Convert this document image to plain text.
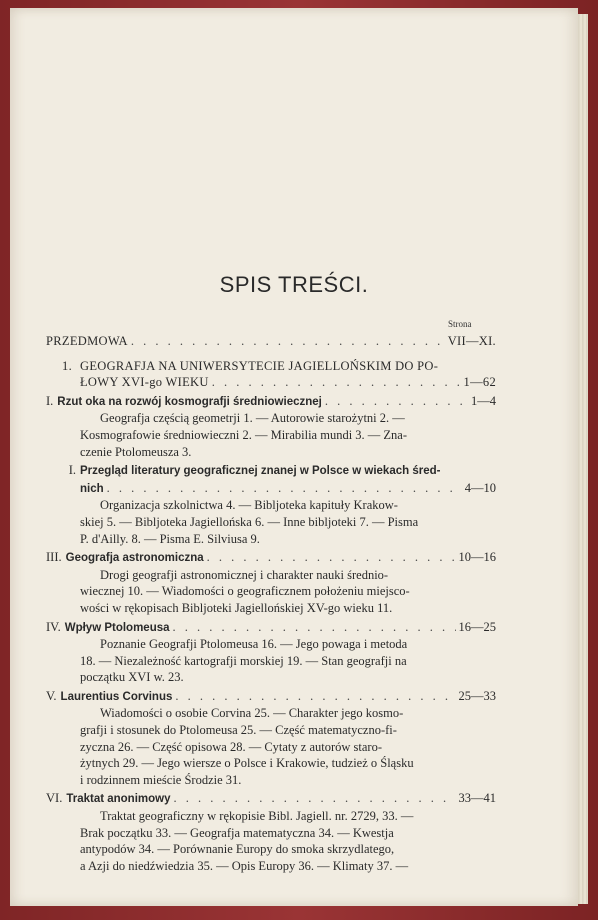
SPIS TREŚCI.
Strona
PRZEDMOWA . . .	VII—XI.
1. GEOGRAFJA NA UNIWERSYTECIE JAGIELLOŃSKIM DO PO-
ŁOWY XVI-go WIEKU . . .	1—62
I. Rzut oka na rozwój kosmografji średniowiecznej . . .	1—4
Geografja częścią geometrji 1. — Autorowie starożytni 2. —
Kosmografowie średniowieczni 2. — Mirabilia mundi 3. — Zna-
czenie Ptolomeusza 3.
I. Przegląd literatury geograficznej znanej w Polsce w wiekach śred-
nich . . .	4—10
Organizacja szkolnictwa 4. — Bibljoteka kapituły Krakow-
skiej 5. — Bibljoteka Jagiellońska 6. — Inne bibljoteki 7. — Pisma
P. d'Ailly. 8. — Pisma E. Silviusa 9.
III. Geografja astronomiczna . . .	10—16
Drogi geografji astronomicznej i charakter nauki średnio-
wiecznej 10. — Wiadomości o geograficznem położeniu miejsco-
wości w rękopisach Bibljoteki Jagiellońskiej XV-go wieku 11.
IV. Wpływ Ptolomeusa . . .	16—25
Poznanie Geografji Ptolomeusa 16. — Jego powaga i metoda
18. — Niezależność kartografji morskiej 19. — Stan geografji na
początku XVI w. 23.
V. Laurentius Corvinus . . .	25—33
Wiadomości o osobie Corvina 25. — Charakter jego kosmo-
grafji i stosunek do Ptolomeusa 25. — Część matematyczno-fi-
zyczna 26. — Część opisowa 28. — Cytaty z autorów staro-
żytnych 29. — Jego wiersze o Polsce i Krakowie, tudzież o Śląsku
i rodzinnem mieście Środzie 31.
VI. Traktat anonimowy . . .	33—41
Traktat geograficzny w rękopisie Bibl. Jagiell. nr. 2729, 33. —
Brak początku 33. — Geografja matematyczna 34. — Kwestja
antypodów 34. — Porównanie Europy do smoka skrzydlatego,
a Azji do niedźwiedzia 35. — Opis Europy 36. — Klimaty 37. —
